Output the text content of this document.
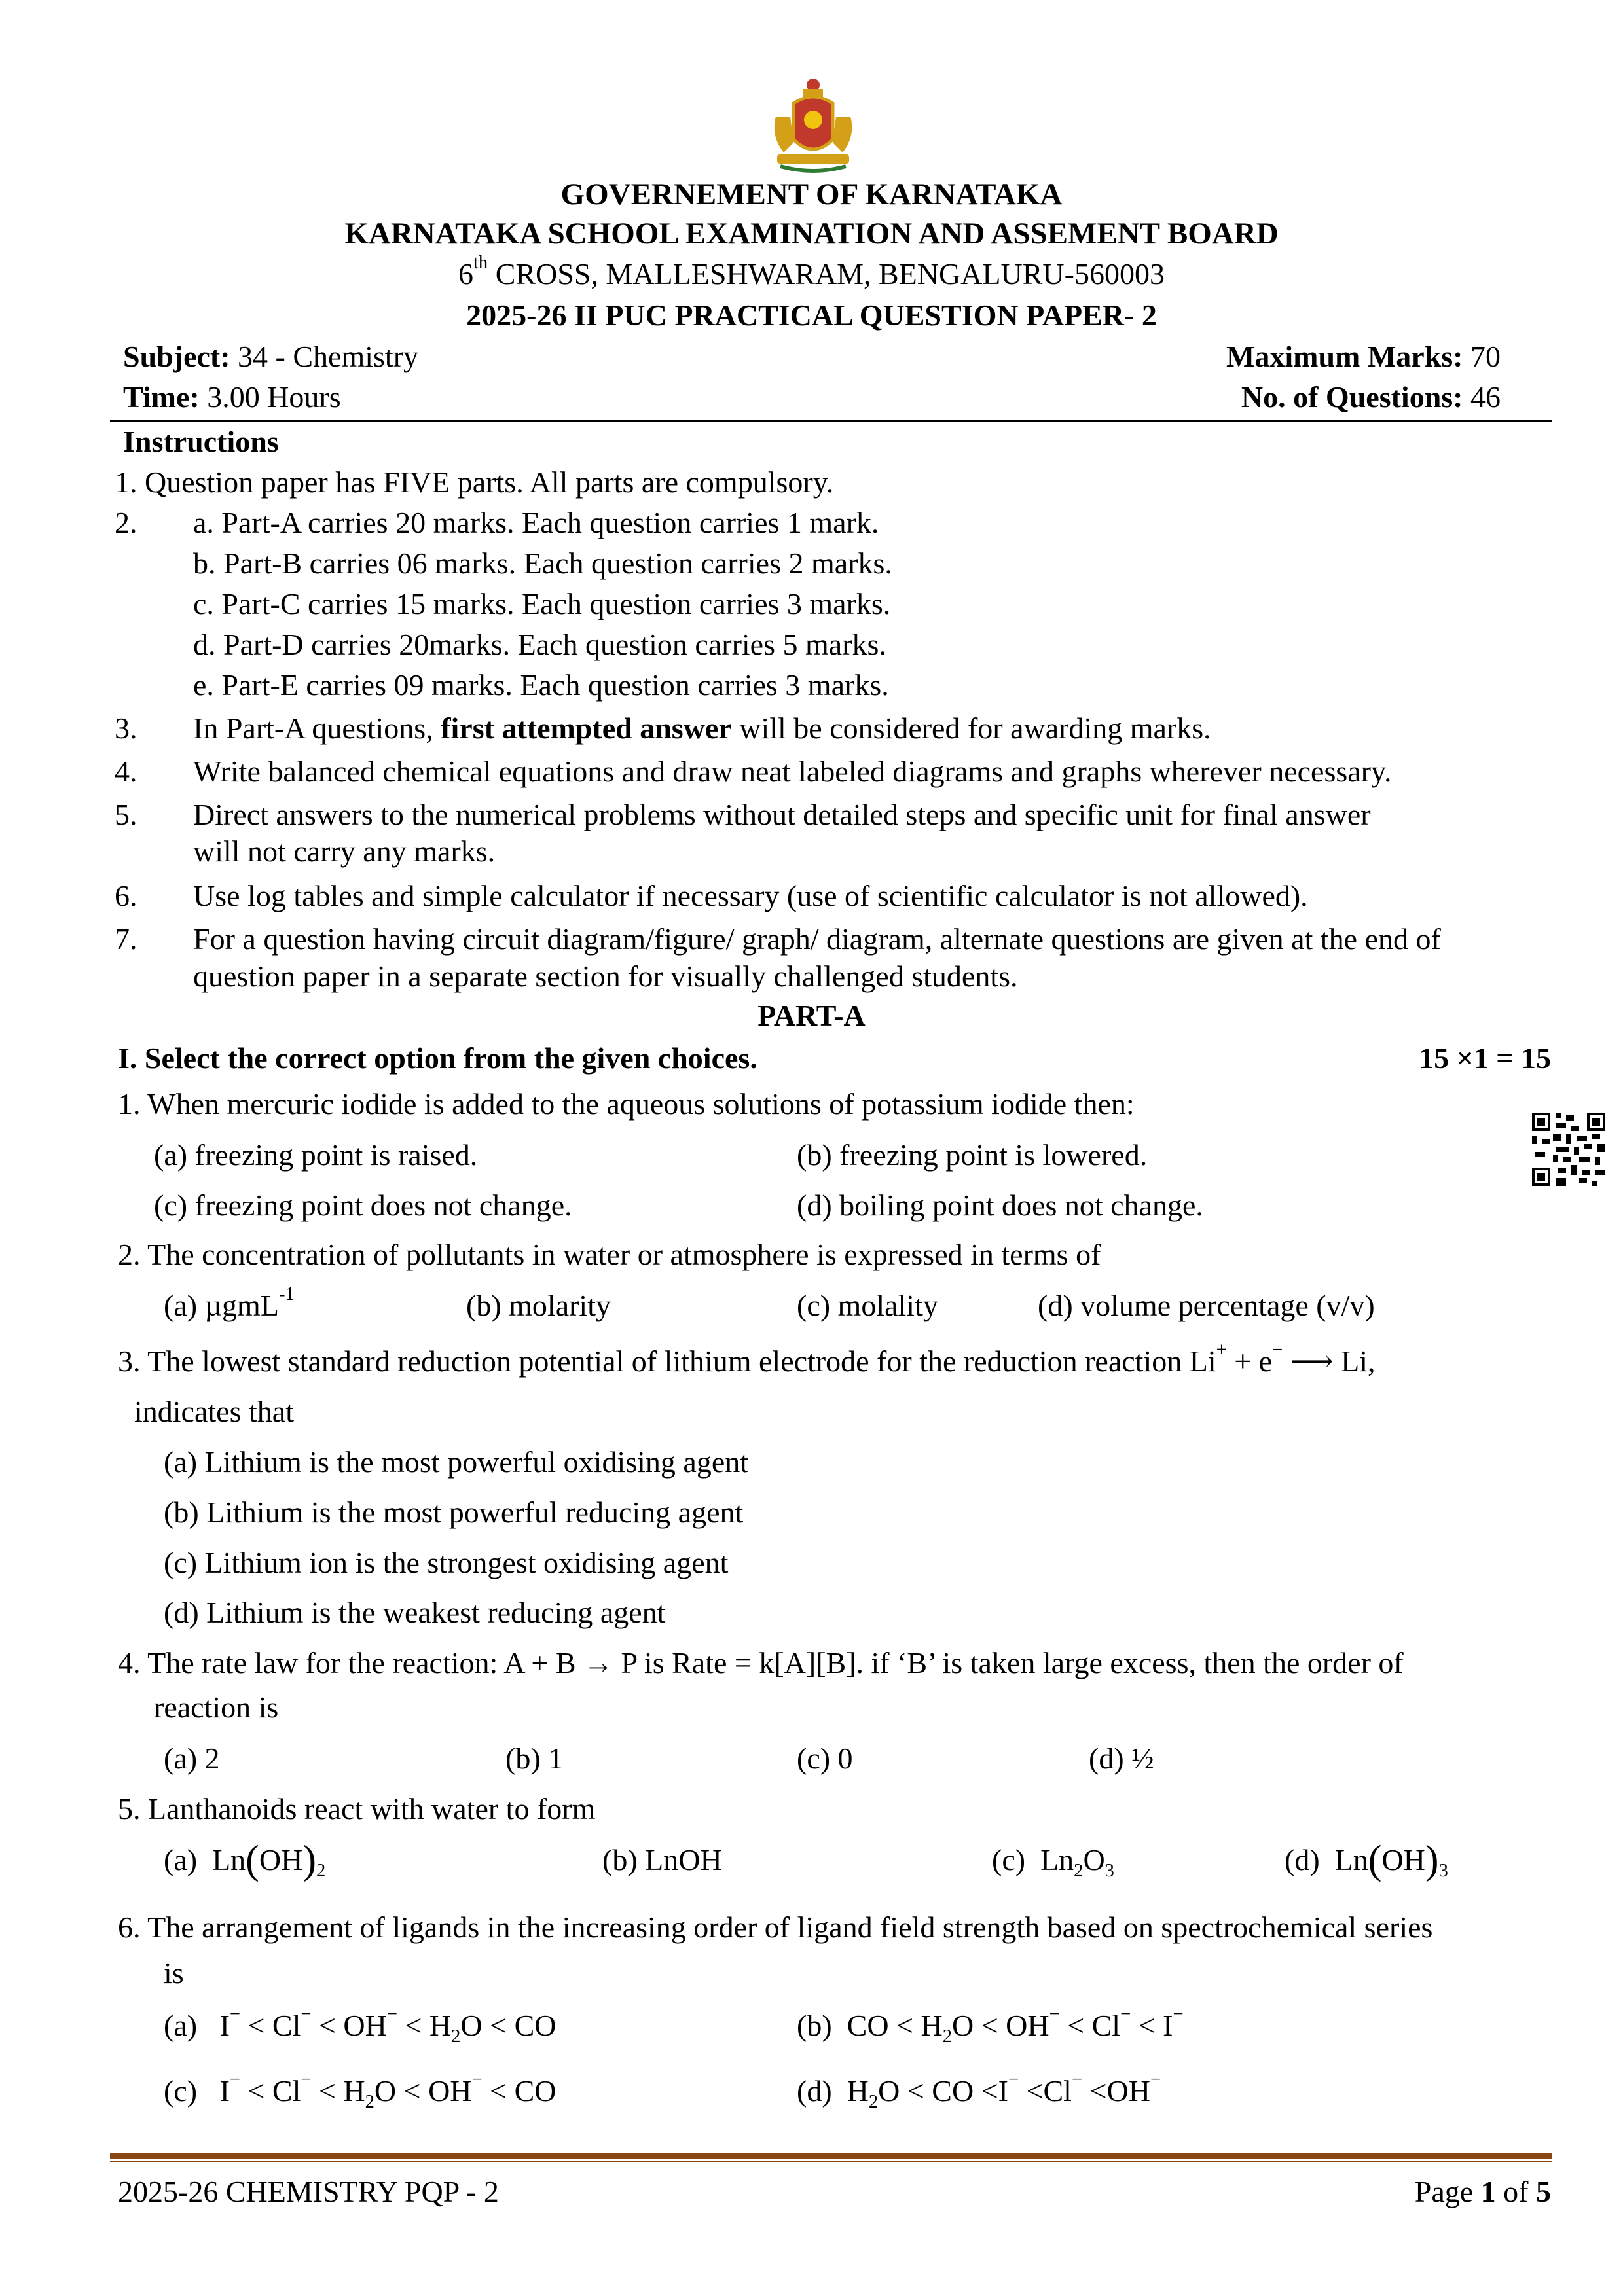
GOVERNEMENT OF KARNATAKA
KARNATAKA SCHOOL EXAMINATION AND ASSEMENT BOARD
6th CROSS, MALLESHWARAM, BENGALURU-560003
2025-26 II PUC PRACTICAL QUESTION PAPER- 2
Subject: 34 - Chemistry	Maximum Marks: 70
Time: 3.00 Hours	No. of Questions: 46
Instructions
1. Question paper has FIVE parts. All parts are compulsory.
2. a. Part-A carries 20 marks. Each question carries 1 mark.
b. Part-B carries 06 marks. Each question carries 2 marks.
c. Part-C carries 15 marks. Each question carries 3 marks.
d. Part-D carries 20marks. Each question carries 5 marks.
e. Part-E carries 09 marks. Each question carries 3 marks.
3. In Part-A questions, first attempted answer will be considered for awarding marks.
4. Write balanced chemical equations and draw neat labeled diagrams and graphs wherever necessary.
5. Direct answers to the numerical problems without detailed steps and specific unit for final answer
will not carry any marks.
6. Use log tables and simple calculator if necessary (use of scientific calculator is not allowed).
7. For a question having circuit diagram/figure/ graph/ diagram, alternate questions are given at the end of
question paper in a separate section for visually challenged students.
PART-A
I. Select the correct option from the given choices.	15 ×1 = 15
1. When mercuric iodide is added to the aqueous solutions of potassium iodide then:
(a) freezing point is raised.	(b) freezing point is lowered.
(c) freezing point does not change.	(d) boiling point does not change.
2. The concentration of pollutants in water or atmosphere is expressed in terms of
(a) µgmL$^{-1}$	(b) molarity	(c) molality	(d) volume percentage (v/v)
3. The lowest standard reduction potential of lithium electrode for the reduction reaction Li+ + e− ⟶ Li,
indicates that
(a) Lithium is the most powerful oxidising agent
(b) Lithium is the most powerful reducing agent
(c) Lithium ion is the strongest oxidising agent
(d) Lithium is the weakest reducing agent
4. The rate law for the reaction: A + B → P is Rate = k[A][B]. if ‘B’ is taken large excess, then the order of
reaction is
(a) 2	(b) 1	(c) 0	(d) ½
5. Lanthanoids react with water to form
(a)  $Ln(OH)_2$	(b) LnOH	(c)  $Ln_2O_3$	(d)  $Ln(OH)_3$
6. The arrangement of ligands in the increasing order of ligand field strength based on spectrochemical series
is
(a)   $I^- < Cl^- < OH^- < H_2O$ < CO	(b)  CO < $H_2O < OH^- < Cl^- < I^-$
(c)   $I^- < Cl^- < H_2O < OH^-$ < CO	(d)  $H_2O$ < CO <I− <Cl− <OH−
2025-26 CHEMISTRY PQP - 2	Page 1 of 5
